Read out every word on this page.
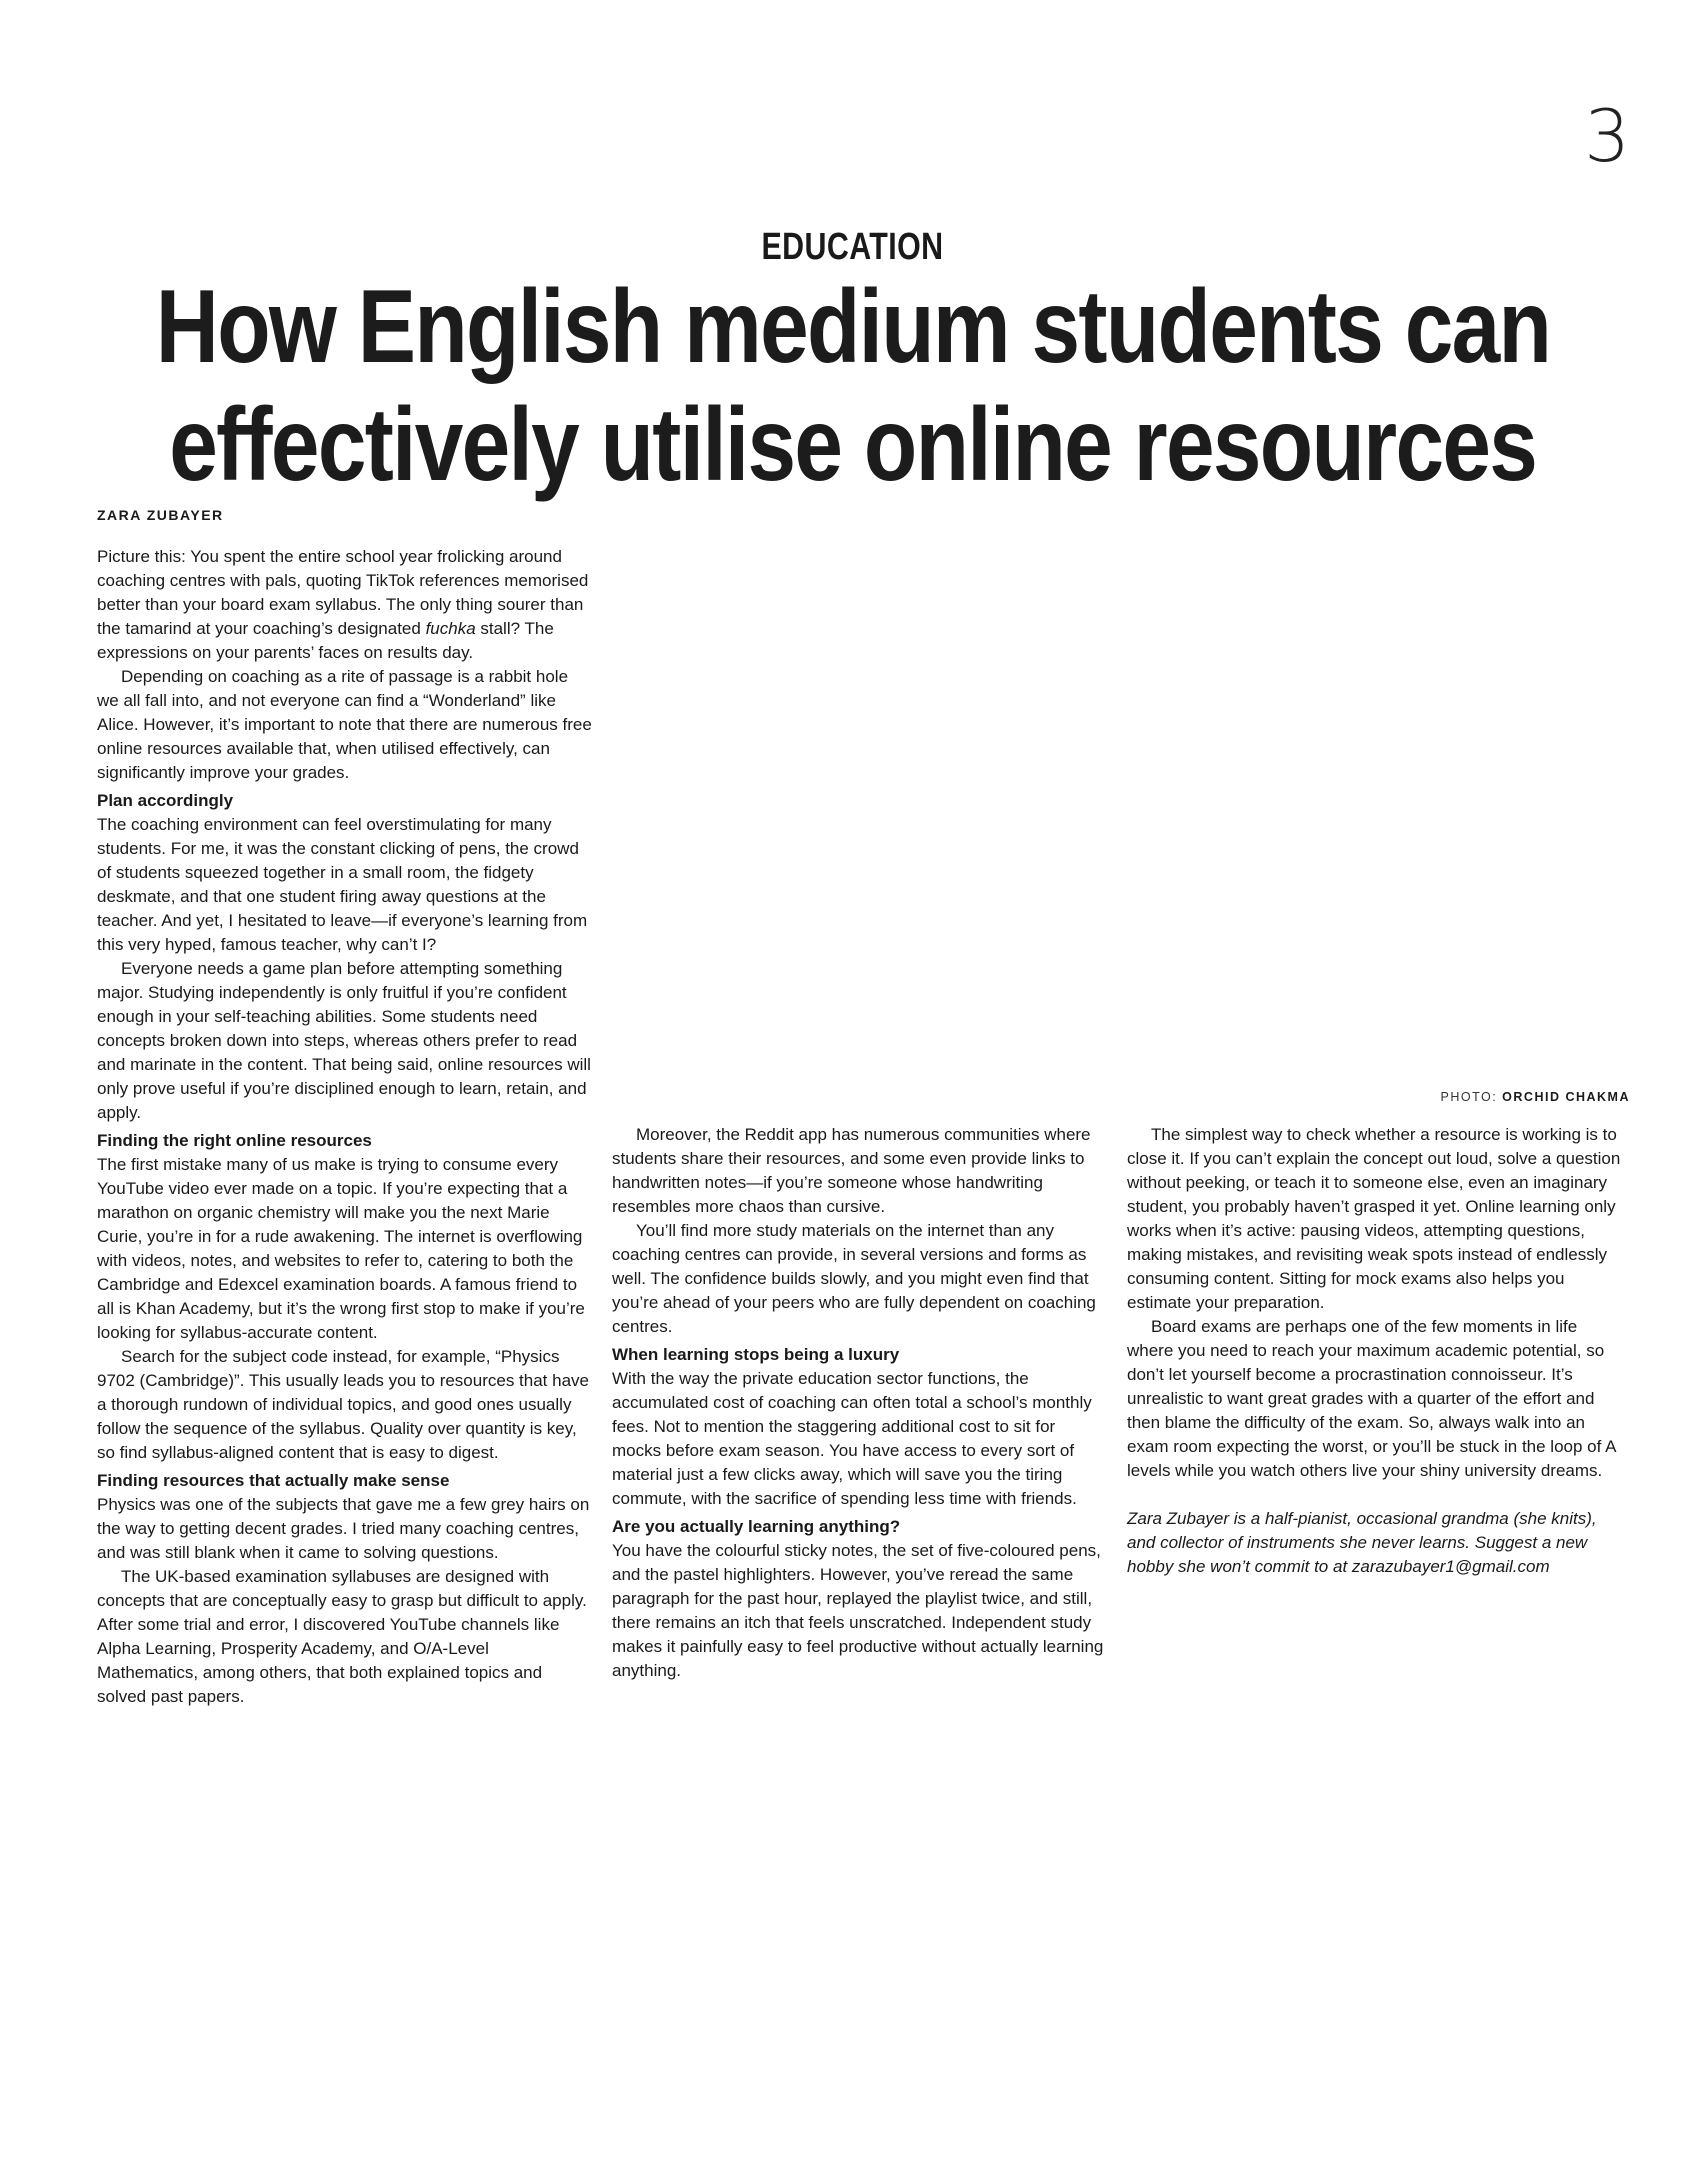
3
EDUCATION
How English medium students can
effectively utilise online resources
ZARA ZUBAYER
PHOTO: ORCHID CHAKMA

Picture this: You spent the entire school year frolicking around coaching centres with pals, quoting TikTok references memorised better than your board exam syllabus. The only thing sourer than the tamarind at your coaching’s designated fuchka stall? The expressions on your parents’ faces on results day.

Depending on coaching as a rite of passage is a rabbit hole we all fall into, and not everyone can find a “Wonderland” like Alice. However, it’s important to note that there are numerous free online resources available that, when utilised effectively, can significantly improve your grades.

Plan accordingly

The coaching environment can feel overstimulating for many students. For me, it was the constant clicking of pens, the crowd of students squeezed together in a small room, the fidgety deskmate, and that one student firing away questions at the teacher. And yet, I hesitated to leave—if everyone’s learning from this very hyped, famous teacher, why can’t I?

Everyone needs a game plan before attempting something major. Studying independently is only fruitful if you’re confident enough in your self-teaching abilities. Some students need concepts broken down into steps, whereas others prefer to read and marinate in the content. That being said, online resources will only prove useful if you’re disciplined enough to learn, retain, and apply.

Finding the right online resources

The first mistake many of us make is trying to consume every YouTube video ever made on a topic. If you’re expecting that a marathon on organic chemistry will make you the next Marie Curie, you’re in for a rude awakening. The internet is overflowing with videos, notes, and websites to refer to, catering to both the Cambridge and Edexcel examination boards. A famous friend to all is Khan Academy, but it’s the wrong first stop to make if you’re looking for syllabus-accurate content.

Search for the subject code instead, for example, “Physics 9702 (Cambridge)”. This usually leads you to resources that have a thorough rundown of individual topics, and good ones usually follow the sequence of the syllabus. Quality over quantity is key, so find syllabus-aligned content that is easy to digest.

Finding resources that actually make sense

Physics was one of the subjects that gave me a few grey hairs on the way to getting decent grades. I tried many coaching centres, and was still blank when it came to solving questions.

The UK-based examination syllabuses are designed with concepts that are conceptually easy to grasp but difficult to apply. After some trial and error, I discovered YouTube channels like Alpha Learning, Prosperity Academy, and O/A-Level Mathematics, among others, that both explained topics and solved past papers.

Moreover, the Reddit app has numerous communities where students share their resources, and some even provide links to handwritten notes—if you’re someone whose handwriting resembles more chaos than cursive.

You’ll find more study materials on the internet than any coaching centres can provide, in several versions and forms as well. The confidence builds slowly, and you might even find that you’re ahead of your peers who are fully dependent on coaching centres.

When learning stops being a luxury

With the way the private education sector functions, the accumulated cost of coaching can often total a school’s monthly fees. Not to mention the staggering additional cost to sit for mocks before exam season. You have access to every sort of material just a few clicks away, which will save you the tiring commute, with the sacrifice of spending less time with friends.

Are you actually learning anything?

You have the colourful sticky notes, the set of five-coloured pens, and the pastel highlighters. However, you’ve reread the same paragraph for the past hour, replayed the playlist twice, and still, there remains an itch that feels unscratched. Independent study makes it painfully easy to feel productive without actually learning anything.

The simplest way to check whether a resource is working is to close it. If you can’t explain the concept out loud, solve a question without peeking, or teach it to someone else, even an imaginary student, you probably haven’t grasped it yet. Online learning only works when it’s active: pausing videos, attempting questions, making mistakes, and revisiting weak spots instead of endlessly consuming content. Sitting for mock exams also helps you estimate your preparation.

Board exams are perhaps one of the few moments in life where you need to reach your maximum academic potential, so don’t let yourself become a procrastination connoisseur. It’s unrealistic to want great grades with a quarter of the effort and then blame the difficulty of the exam. So, always walk into an exam room expecting the worst, or you’ll be stuck in the loop of A levels while you watch others live your shiny university dreams.

Zara Zubayer is a half-pianist, occasional grandma (she knits), and collector of instruments she never learns. Suggest a new hobby she won’t commit to at zarazubayer1@gmail.com
